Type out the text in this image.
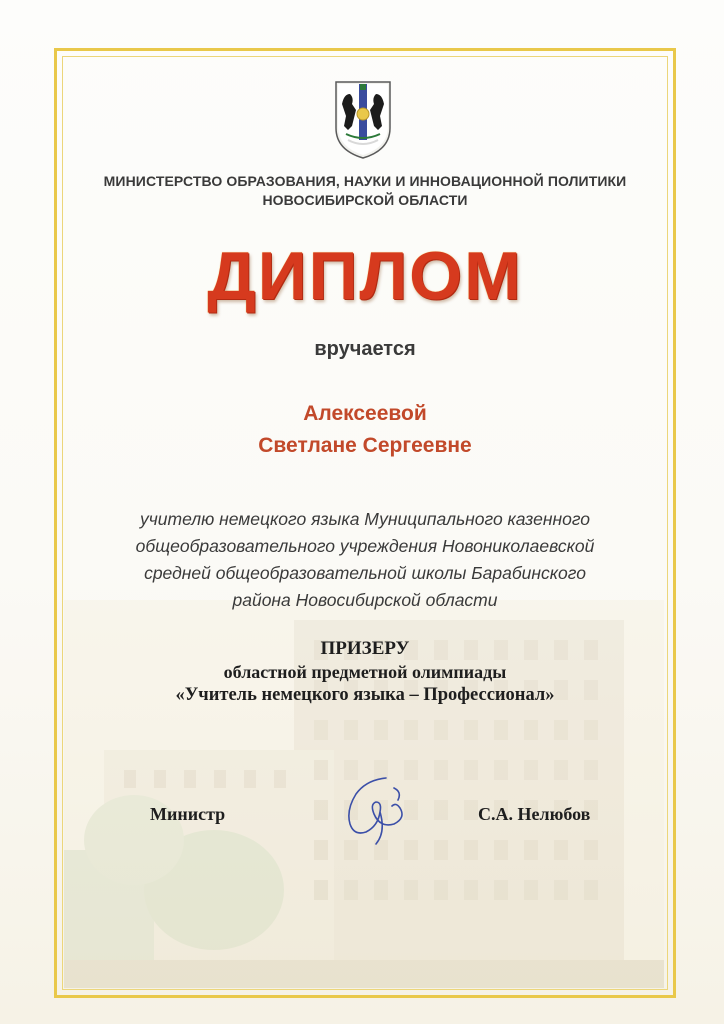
МИНИСТЕРСТВО ОБРАЗОВАНИЯ, НАУКИ И ИННОВАЦИОННОЙ ПОЛИТИКИ
НОВОСИБИРСКОЙ ОБЛАСТИ
ДИПЛОМ
вручается
Алексеевой
Светлане Сергеевне
учителю немецкого языка Муниципального казенного
общеобразовательного учреждения Новониколаевской
средней общеобразовательной школы Барабинского
района Новосибирской области
ПРИЗЕРУ
областной предметной олимпиады
«Учитель немецкого языка – Профессионал»
Министр	С.А. Нелюбов
